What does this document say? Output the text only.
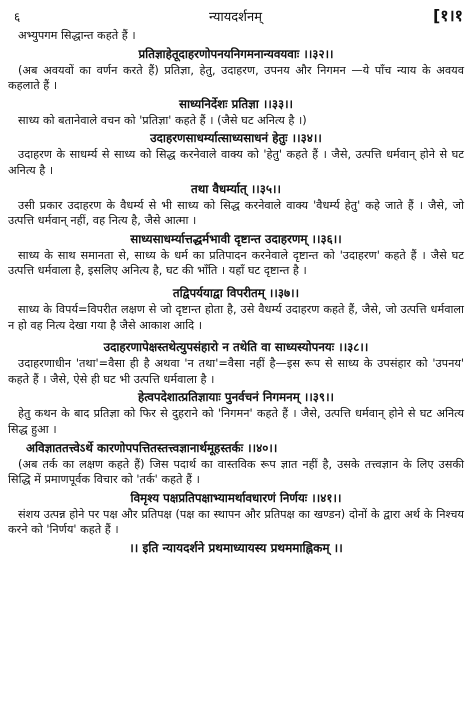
६	न्यायदर्शनम्	[१।१

अभ्युपगम सिद्धान्त कहते हैं ।

प्रतिज्ञाहेतूदाहरणोपनयनिगमनान्यवयवाः ।।३२।।

(अब अवयवों का वर्णन करते हैं) प्रतिज्ञा, हेतु, उदाहरण, उपनय और निगमन —ये पाँच न्याय के अवयव कहलाते हैं ।

साध्यनिर्देशः प्रतिज्ञा ।।३३।।

साध्य को बतानेवाले वचन को 'प्रतिज्ञा' कहते हैं । (जैसे घट अनित्य है ।)

उदाहरणसाधर्म्यात्साध्यसाधनं हेतुः ।।३४।।

उदाहरण के साधर्म्य से साध्य को सिद्ध करनेवाले वाक्य को 'हेतु' कहते हैं । जैसे, उत्पत्ति धर्मवान् होने से घट अनित्य है ।

तथा वैधर्म्यात् ।।३५।।

उसी प्रकार उदाहरण के वैधर्म्य से भी साध्य को सिद्ध करनेवाले वाक्य 'वैधर्म्य हेतु' कहे जाते हैं । जैसे, जो उत्पत्ति धर्मवान् नहीं, वह नित्य है, जैसे आत्मा ।

साध्यसाधर्म्यात्तद्धर्मभावी दृष्टान्त उदाहरणम् ।।३६।।

साध्य के साथ समानता से, साध्य के धर्म का प्रतिपादन करनेवाले दृष्टान्त को 'उदाहरण' कहते हैं । जैसे घट उत्पत्ति धर्मवाला है, इसलिए अनित्य है, घट की भाँति । यहाँ घट दृष्टान्त है ।

तद्विपर्ययाद्वा विपरीतम् ।।३७।।

साध्य के विपर्य=विपरीत लक्षण से जो दृष्टान्त होता है, उसे वैधर्म्य उदाहरण कहते हैं, जैसे, जो उत्पत्ति धर्मवाला न हो वह नित्य देखा गया है जैसे आकाश आदि ।

उदाहरणापेक्षस्तथेत्युपसंहारो न तथेति वा साध्यस्योपनयः ।।३८।।

उदाहरणाधीन 'तथा'=वैसा ही है अथवा 'न तथा'=वैसा नहीं है—इस रूप से साध्य के उपसंहार को 'उपनय' कहते हैं । जैसे, ऐसे ही घट भी उत्पत्ति धर्मवाला है ।

हेत्वपदेशात्प्रतिज्ञायाः पुनर्वचनं निगमनम् ।।३९।।

हेतु कथन के बाद प्रतिज्ञा को फिर से दुहराने को 'निगमन' कहते हैं । जैसे, उत्पत्ति धर्मवान् होने से घट अनित्य सिद्ध हुआ ।

अविज्ञाततत्त्वेऽर्थे कारणोपपत्तितस्तत्त्वज्ञानार्थमूहस्तर्कः ।।४०।।

(अब तर्क का लक्षण कहते हैं) जिस पदार्थ का वास्तविक रूप ज्ञात नहीं है, उसके तत्त्वज्ञान के लिए उसकी सिद्धि में प्रमाणपूर्वक विचार को 'तर्क' कहते हैं ।

विमृश्य पक्षप्रतिपक्षाभ्यामर्थावधारणं निर्णयः ।।४१।।

संशय उत्पन्न होने पर पक्ष और प्रतिपक्ष (पक्ष का स्थापन और प्रतिपक्ष का खण्डन) दोनों के द्वारा अर्थ के निश्चय करने को 'निर्णय' कहते हैं ।

।। इति न्यायदर्शने प्रथमाध्यायस्य प्रथममाह्निकम् ।।
